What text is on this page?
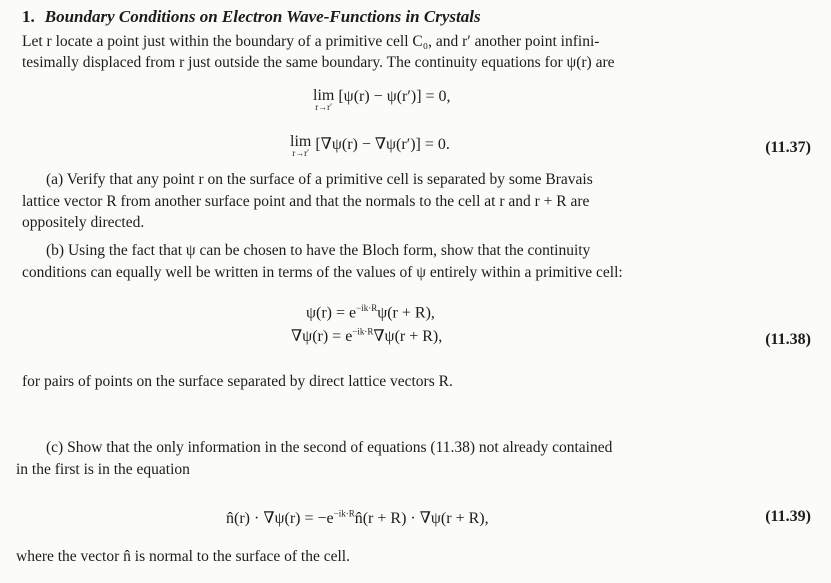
1. Boundary Conditions on Electron Wave-Functions in Crystals
Let r locate a point just within the boundary of a primitive cell C₀, and r′ another point infini-
tesimally displaced from r just outside the same boundary. The continuity equations for ψ(r) are
lim
r→r′
[ψ(r) − ψ(r′)] = 0,
lim
r→r′ [∇ψ(r) − ∇ψ(r′)] = 0.	(11.37)
(a) Verify that any point r on the surface of a primitive cell is separated by some Bravais
lattice vector R from another surface point and that the normals to the cell at r and r + R are
oppositely directed.
(b) Using the fact that ψ can be chosen to have the Bloch form, show that the continuity
conditions can equally well be written in terms of the values of ψ entirely within a primitive cell:
$\psi(r) = e^{-ik\cdot R}\psi(r + R)$,
$\nabla\psi(r) = e^{-ik\cdot R}\nabla\psi(r + R)$,	(11.38)
for pairs of points on the surface separated by direct lattice vectors R.
(c) Show that the only information in the second of equations (11.38) not already contained
in the first is in the equation
n̂(r) · $\nabla\psi(r) = -e^{-ik\cdot R}n̂(r + R) \cdot \nabla\psi(r + R)$,	(11.39)
where the vector n̂ is normal to the surface of the cell.
